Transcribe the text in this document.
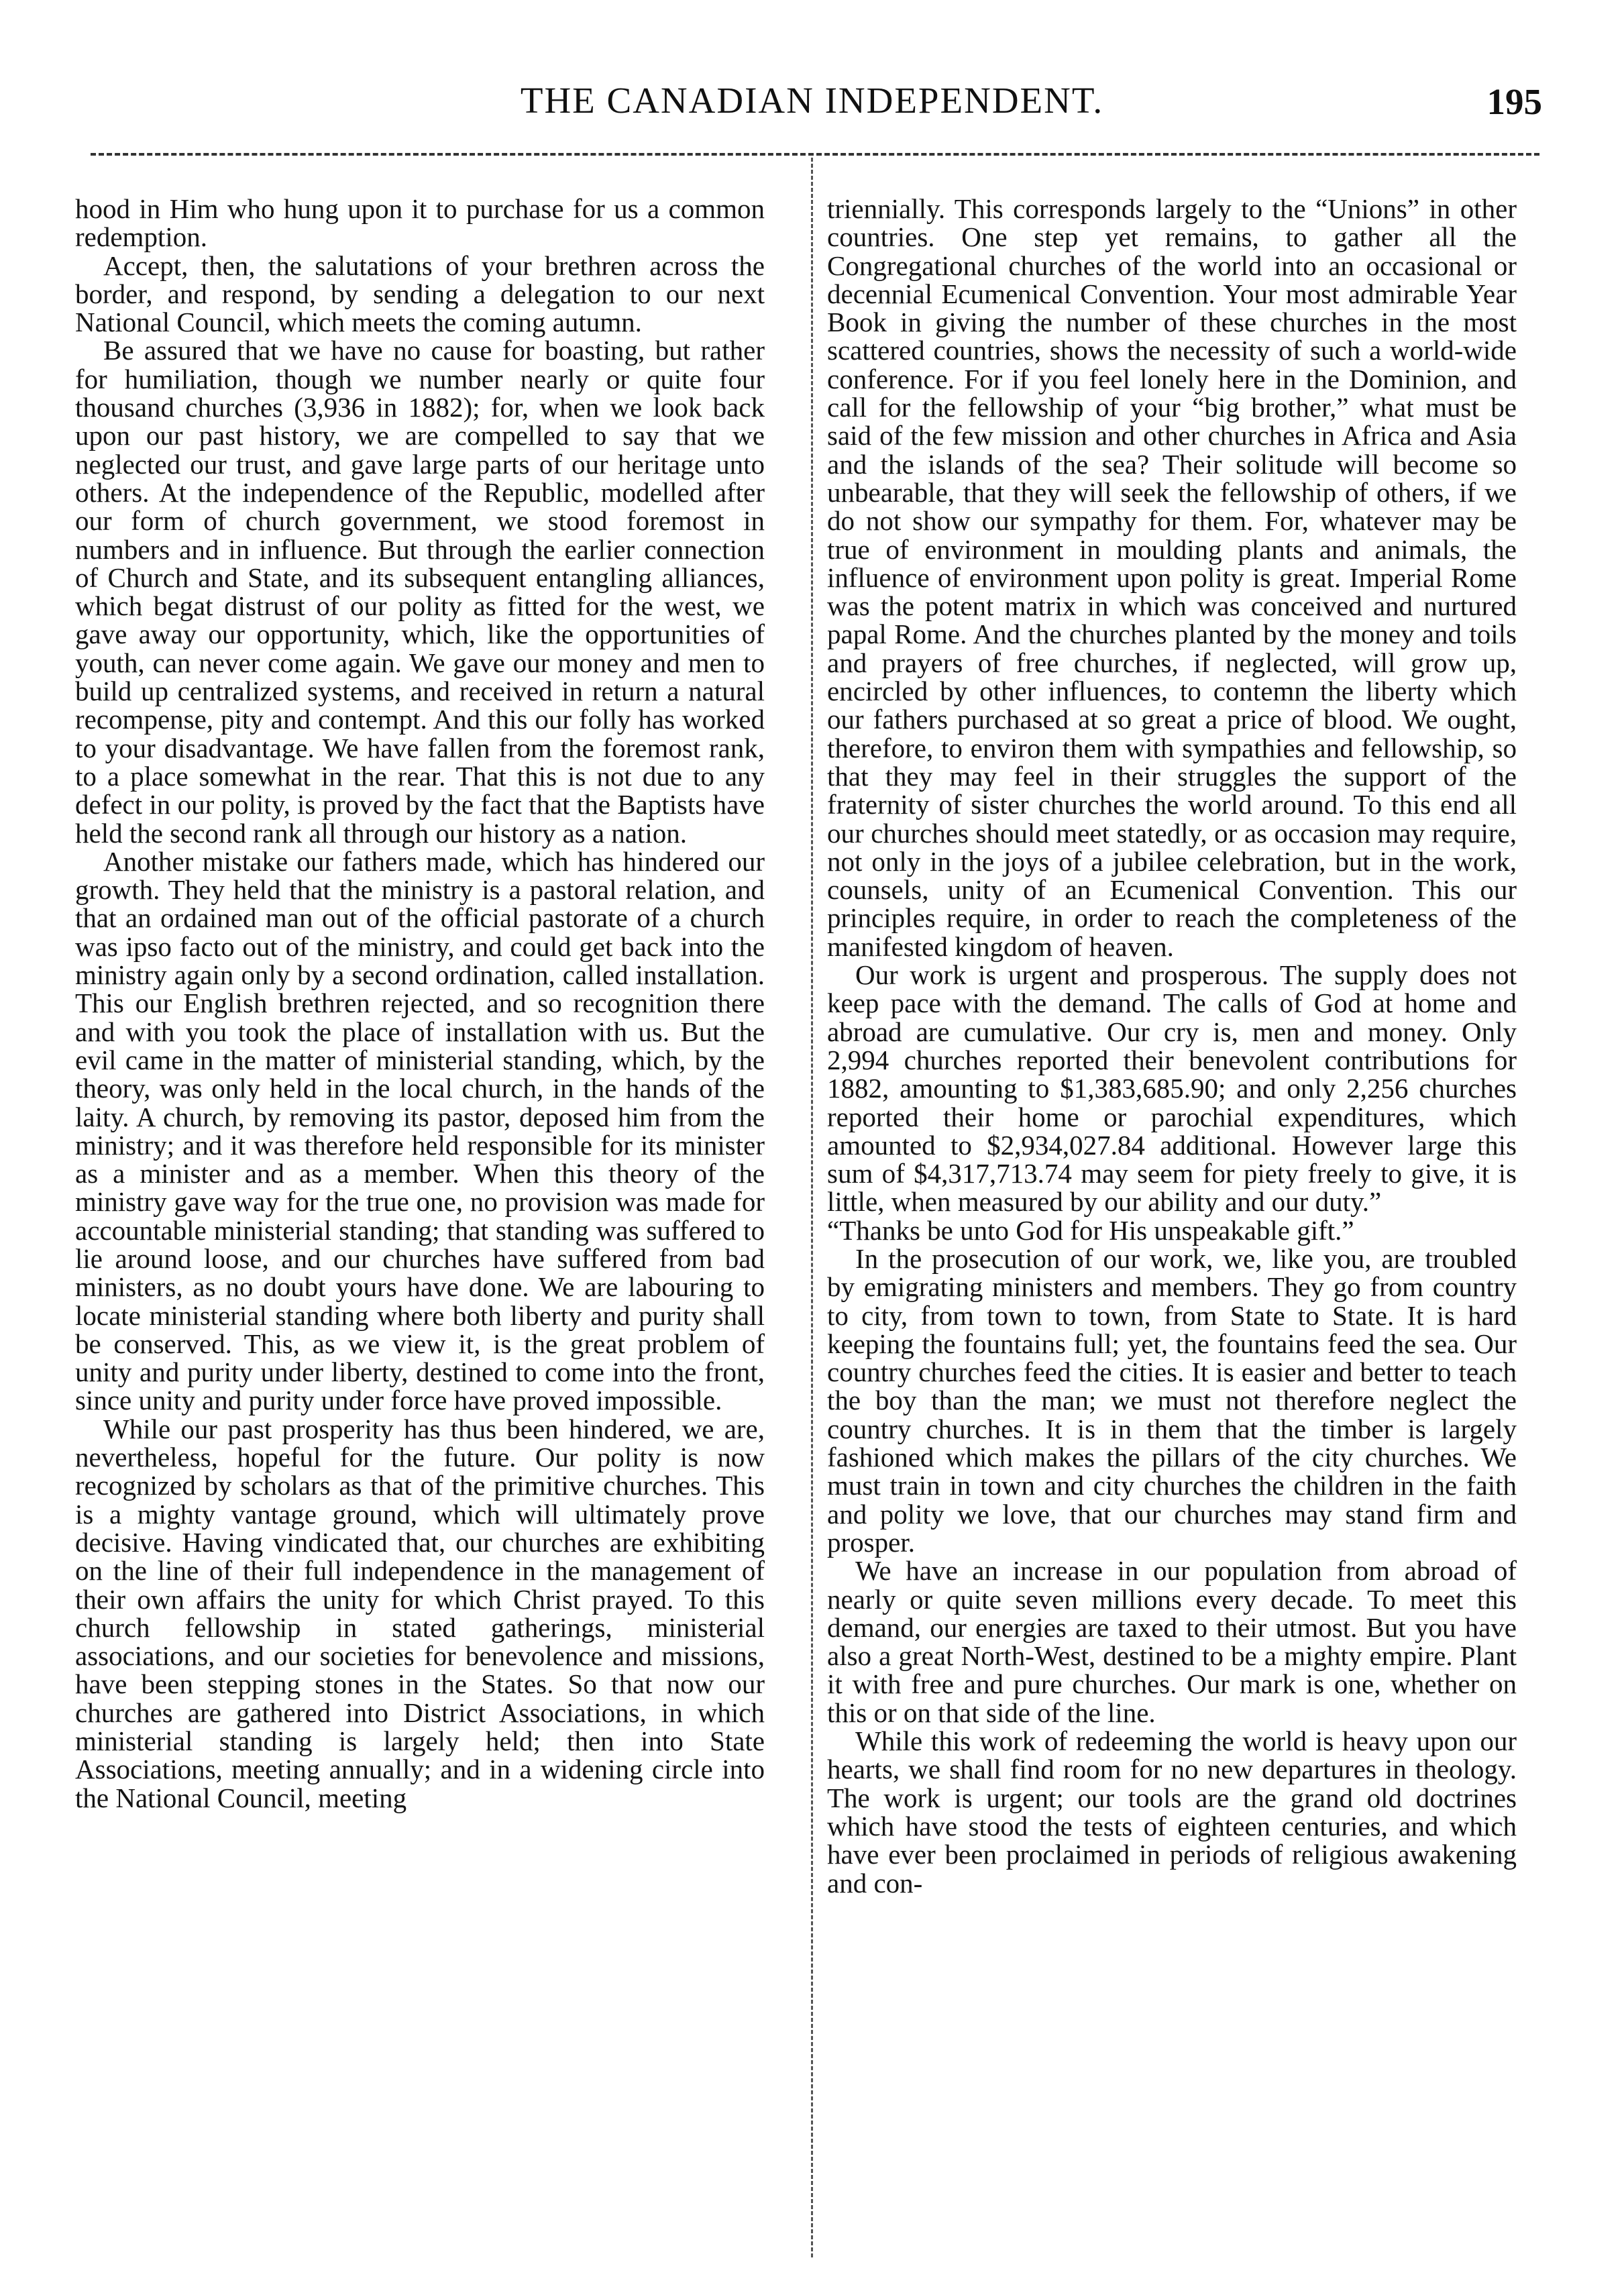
THE CANADIAN INDEPENDENT.	195

hood in Him who hung upon it to purchase for us a common redemption.

Accept, then, the salutations of your brethren across the border, and respond, by sending a delegation to our next National Council, which meets the coming autumn.

Be assured that we have no cause for boasting, but rather for humiliation, though we number nearly or quite four thousand churches (3,936 in 1882); for, when we look back upon our past history, we are compelled to say that we neglected our trust, and gave large parts of our heritage unto others. At the independence of the Republic, modelled after our form of church government, we stood foremost in numbers and in influence. But through the earlier connection of Church and State, and its subsequent entangling alliances, which begat distrust of our polity as fitted for the west, we gave away our opportunity, which, like the opportunities of youth, can never come again. We gave our money and men to build up centralized systems, and received in return a natural recompense, pity and contempt. And this our folly has worked to your disadvantage. We have fallen from the foremost rank, to a place somewhat in the rear. That this is not due to any defect in our polity, is proved by the fact that the Baptists have held the second rank all through our history as a nation.

Another mistake our fathers made, which has hindered our growth. They held that the ministry is a pastoral relation, and that an ordained man out of the official pastorate of a church was ipso facto out of the ministry, and could get back into the ministry again only by a second ordination, called installation. This our English brethren rejected, and so recognition there and with you took the place of installation with us. But the evil came in the matter of ministerial standing, which, by the theory, was only held in the local church, in the hands of the laity. A church, by removing its pastor, deposed him from the ministry; and it was therefore held responsible for its minister as a minister and as a member. When this theory of the ministry gave way for the true one, no provision was made for accountable ministerial standing; that standing was suffered to lie around loose, and our churches have suffered from bad ministers, as no doubt yours have done. We are labouring to locate ministerial standing where both liberty and purity shall be conserved. This, as we view it, is the great problem of unity and purity under liberty, destined to come into the front, since unity and purity under force have proved impossible.

While our past prosperity has thus been hindered, we are, nevertheless, hopeful for the future. Our polity is now recognized by scholars as that of the primitive churches. This is a mighty vantage ground, which will ultimately prove decisive. Having vindicated that, our churches are exhibiting on the line of their full independence in the management of their own affairs the unity for which Christ prayed. To this church fellowship in stated gatherings, ministerial associations, and our societies for benevolence and missions, have been stepping stones in the States. So that now our churches are gathered into District Associations, in which ministerial standing is largely held; then into State Associations, meeting annually; and in a widening circle into the National Council, meeting

triennially. This corresponds largely to the “Unions” in other countries. One step yet remains, to gather all the Congregational churches of the world into an occasional or decennial Ecumenical Convention. Your most admirable Year Book in giving the number of these churches in the most scattered countries, shows the necessity of such a world-wide conference. For if you feel lonely here in the Dominion, and call for the fellowship of your “big brother,” what must be said of the few mission and other churches in Africa and Asia and the islands of the sea? Their solitude will become so unbearable, that they will seek the fellowship of others, if we do not show our sympathy for them. For, whatever may be true of environment in moulding plants and animals, the influence of environment upon polity is great. Imperial Rome was the potent matrix in which was conceived and nurtured papal Rome. And the churches planted by the money and toils and prayers of free churches, if neglected, will grow up, encircled by other influences, to contemn the liberty which our fathers purchased at so great a price of blood. We ought, therefore, to environ them with sympathies and fellowship, so that they may feel in their struggles the support of the fraternity of sister churches the world around. To this end all our churches should meet statedly, or as occasion may require, not only in the joys of a jubilee celebration, but in the work, counsels, unity of an Ecumenical Convention. This our principles require, in order to reach the completeness of the manifested kingdom of heaven.

Our work is urgent and prosperous. The supply does not keep pace with the demand. The calls of God at home and abroad are cumulative. Our cry is, men and money. Only 2,994 churches reported their benevolent contributions for 1882, amounting to $1,383,685.90; and only 2,256 churches reported their home or parochial expenditures, which amounted to $2,934,027.84 additional. However large this sum of $4,317,713.74 may seem for piety freely to give, it is little, when measured by our ability and our duty.”

“Thanks be unto God for His unspeakable gift.”

In the prosecution of our work, we, like you, are troubled by emigrating ministers and members. They go from country to city, from town to town, from State to State. It is hard keeping the fountains full; yet, the fountains feed the sea. Our country churches feed the cities. It is easier and better to teach the boy than the man; we must not therefore neglect the country churches. It is in them that the timber is largely fashioned which makes the pillars of the city churches. We must train in town and city churches the children in the faith and polity we love, that our churches may stand firm and prosper.

We have an increase in our population from abroad of nearly or quite seven millions every decade. To meet this demand, our energies are taxed to their utmost. But you have also a great North-West, destined to be a mighty empire. Plant it with free and pure churches. Our mark is one, whether on this or on that side of the line.

While this work of redeeming the world is heavy upon our hearts, we shall find room for no new departures in theology. The work is urgent; our tools are the grand old doctrines which have stood the tests of eighteen centuries, and which have ever been proclaimed in periods of religious awakening and con-
